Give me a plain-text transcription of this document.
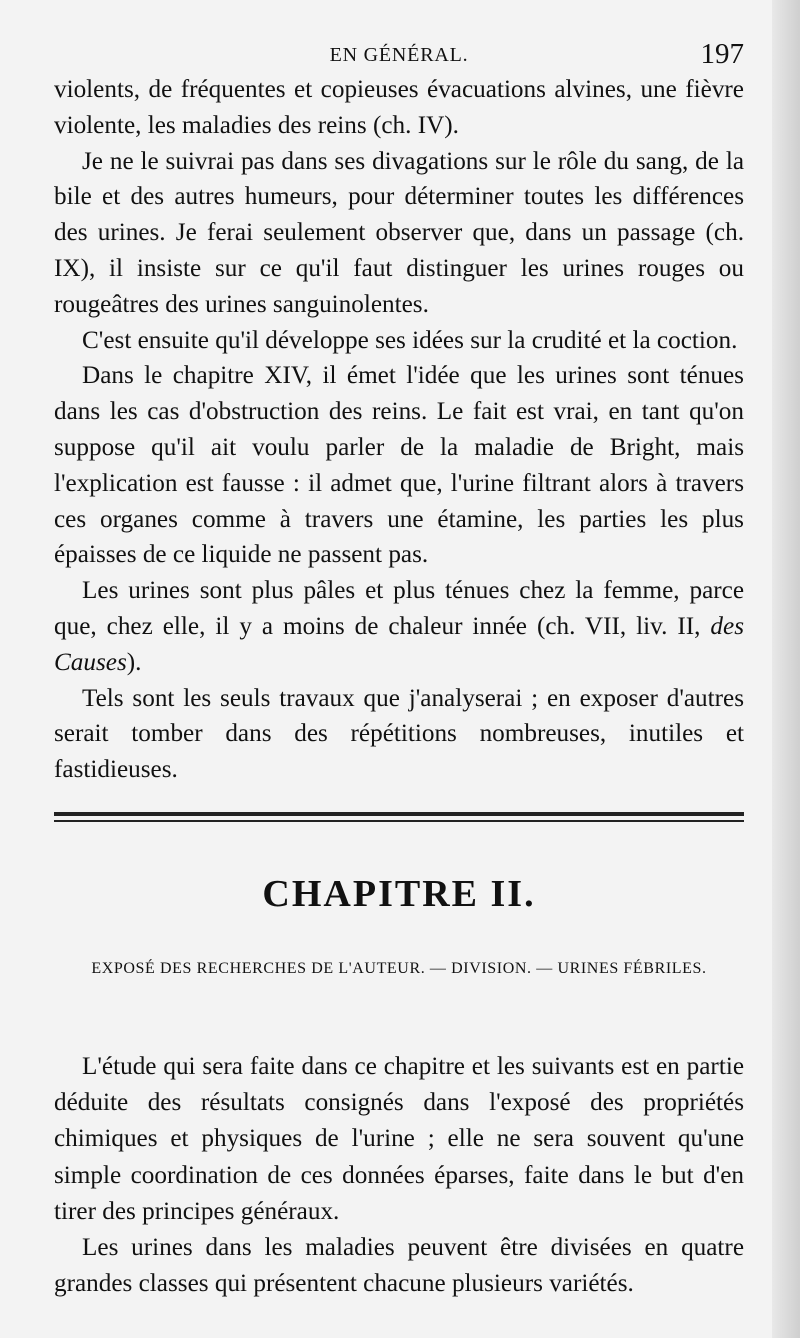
EN GÉNÉRAL.	197

violents, de fréquentes et copieuses évacuations alvines, une fièvre violente, les maladies des reins (ch. IV).

Je ne le suivrai pas dans ses divagations sur le rôle du sang, de la bile et des autres humeurs, pour déterminer toutes les différences des urines. Je ferai seulement observer que, dans un passage (ch. IX), il insiste sur ce qu'il faut distinguer les urines rouges ou rougeâtres des urines sanguinolentes.

C'est ensuite qu'il développe ses idées sur la crudité et la coction.

Dans le chapitre XIV, il émet l'idée que les urines sont ténues dans les cas d'obstruction des reins. Le fait est vrai, en tant qu'on suppose qu'il ait voulu parler de la maladie de Bright, mais l'explication est fausse : il admet que, l'urine filtrant alors à travers ces organes comme à travers une étamine, les parties les plus épaisses de ce liquide ne passent pas.

Les urines sont plus pâles et plus ténues chez la femme, parce que, chez elle, il y a moins de chaleur innée (ch. VII, liv. II, des Causes).

Tels sont les seuls travaux que j'analyserai ; en exposer d'autres serait tomber dans des répétitions nombreuses, inutiles et fastidieuses.

CHAPITRE II.
EXPOSÉ DES RECHERCHES DE L'AUTEUR. — DIVISION. — URINES FÉBRILES.

L'étude qui sera faite dans ce chapitre et les suivants est en partie déduite des résultats consignés dans l'exposé des propriétés chimiques et physiques de l'urine ; elle ne sera souvent qu'une simple coordination de ces données éparses, faite dans le but d'en tirer des principes généraux.

Les urines dans les maladies peuvent être divisées en quatre grandes classes qui présentent chacune plusieurs variétés.
